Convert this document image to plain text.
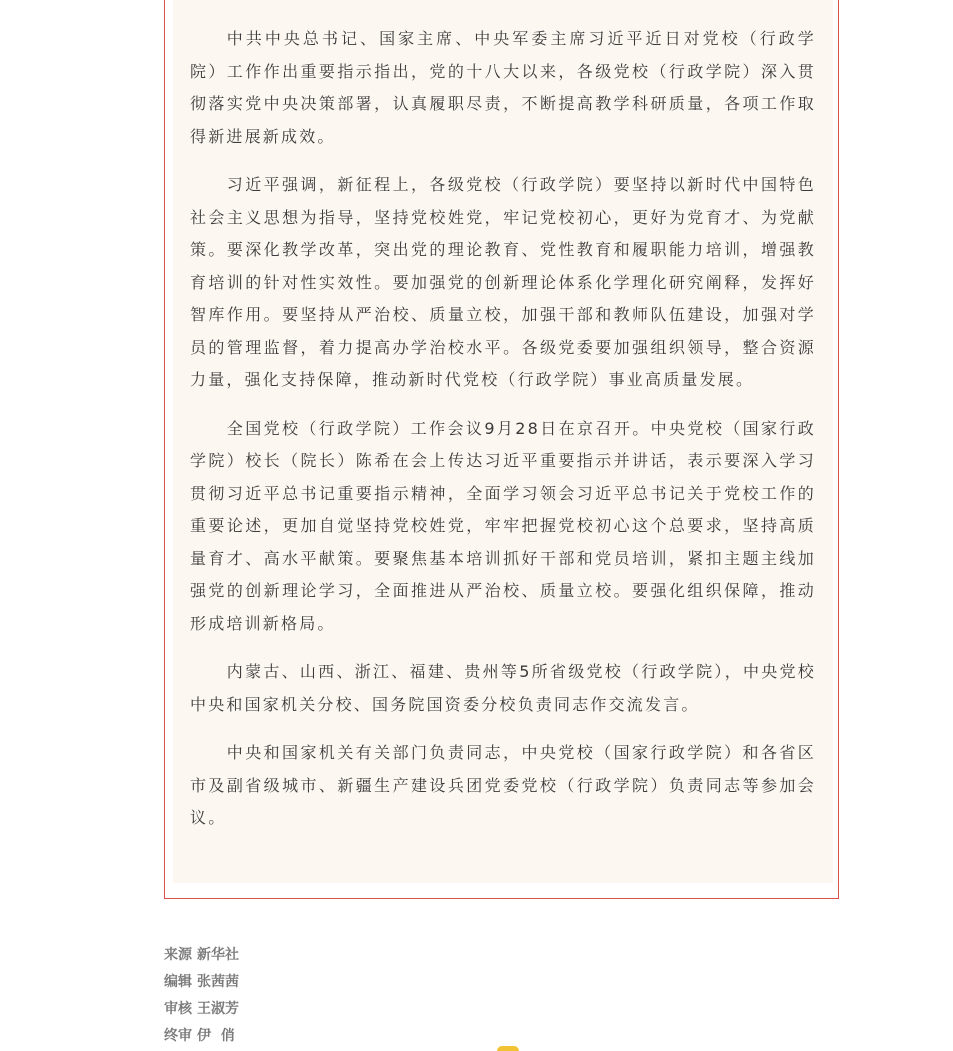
中共中央总书记、国家主席、中央军委主席习近平近日对党校（行政学院）工作作出重要指示指出，党的十八大以来，各级党校（行政学院）深入贯彻落实党中央决策部署，认真履职尽责，不断提高教学科研质量，各项工作取得新进展新成效。

习近平强调，新征程上，各级党校（行政学院）要坚持以新时代中国特色社会主义思想为指导，坚持党校姓党，牢记党校初心，更好为党育才、为党献策。要深化教学改革，突出党的理论教育、党性教育和履职能力培训，增强教育培训的针对性实效性。要加强党的创新理论体系化学理化研究阐释，发挥好智库作用。要坚持从严治校、质量立校，加强干部和教师队伍建设，加强对学员的管理监督，着力提高办学治校水平。各级党委要加强组织领导，整合资源力量，强化支持保障，推动新时代党校（行政学院）事业高质量发展。

全国党校（行政学院）工作会议9月28日在京召开。中央党校（国家行政学院）校长（院长）陈希在会上传达习近平重要指示并讲话，表示要深入学习贯彻习近平总书记重要指示精神，全面学习领会习近平总书记关于党校工作的重要论述，更加自觉坚持党校姓党，牢牢把握党校初心这个总要求，坚持高质量育才、高水平献策。要聚焦基本培训抓好干部和党员培训，紧扣主题主线加强党的创新理论学习，全面推进从严治校、质量立校。要强化组织保障，推动形成培训新格局。

内蒙古、山西、浙江、福建、贵州等5所省级党校（行政学院），中央党校中央和国家机关分校、国务院国资委分校负责同志作交流发言。

中央和国家机关有关部门负责同志，中央党校（国家行政学院）和各省区市及副省级城市、新疆生产建设兵团党委党校（行政学院）负责同志等参加会议。

来源 新华社
编辑 张茜茜
审核 王淑芳
终审 伊  俏
